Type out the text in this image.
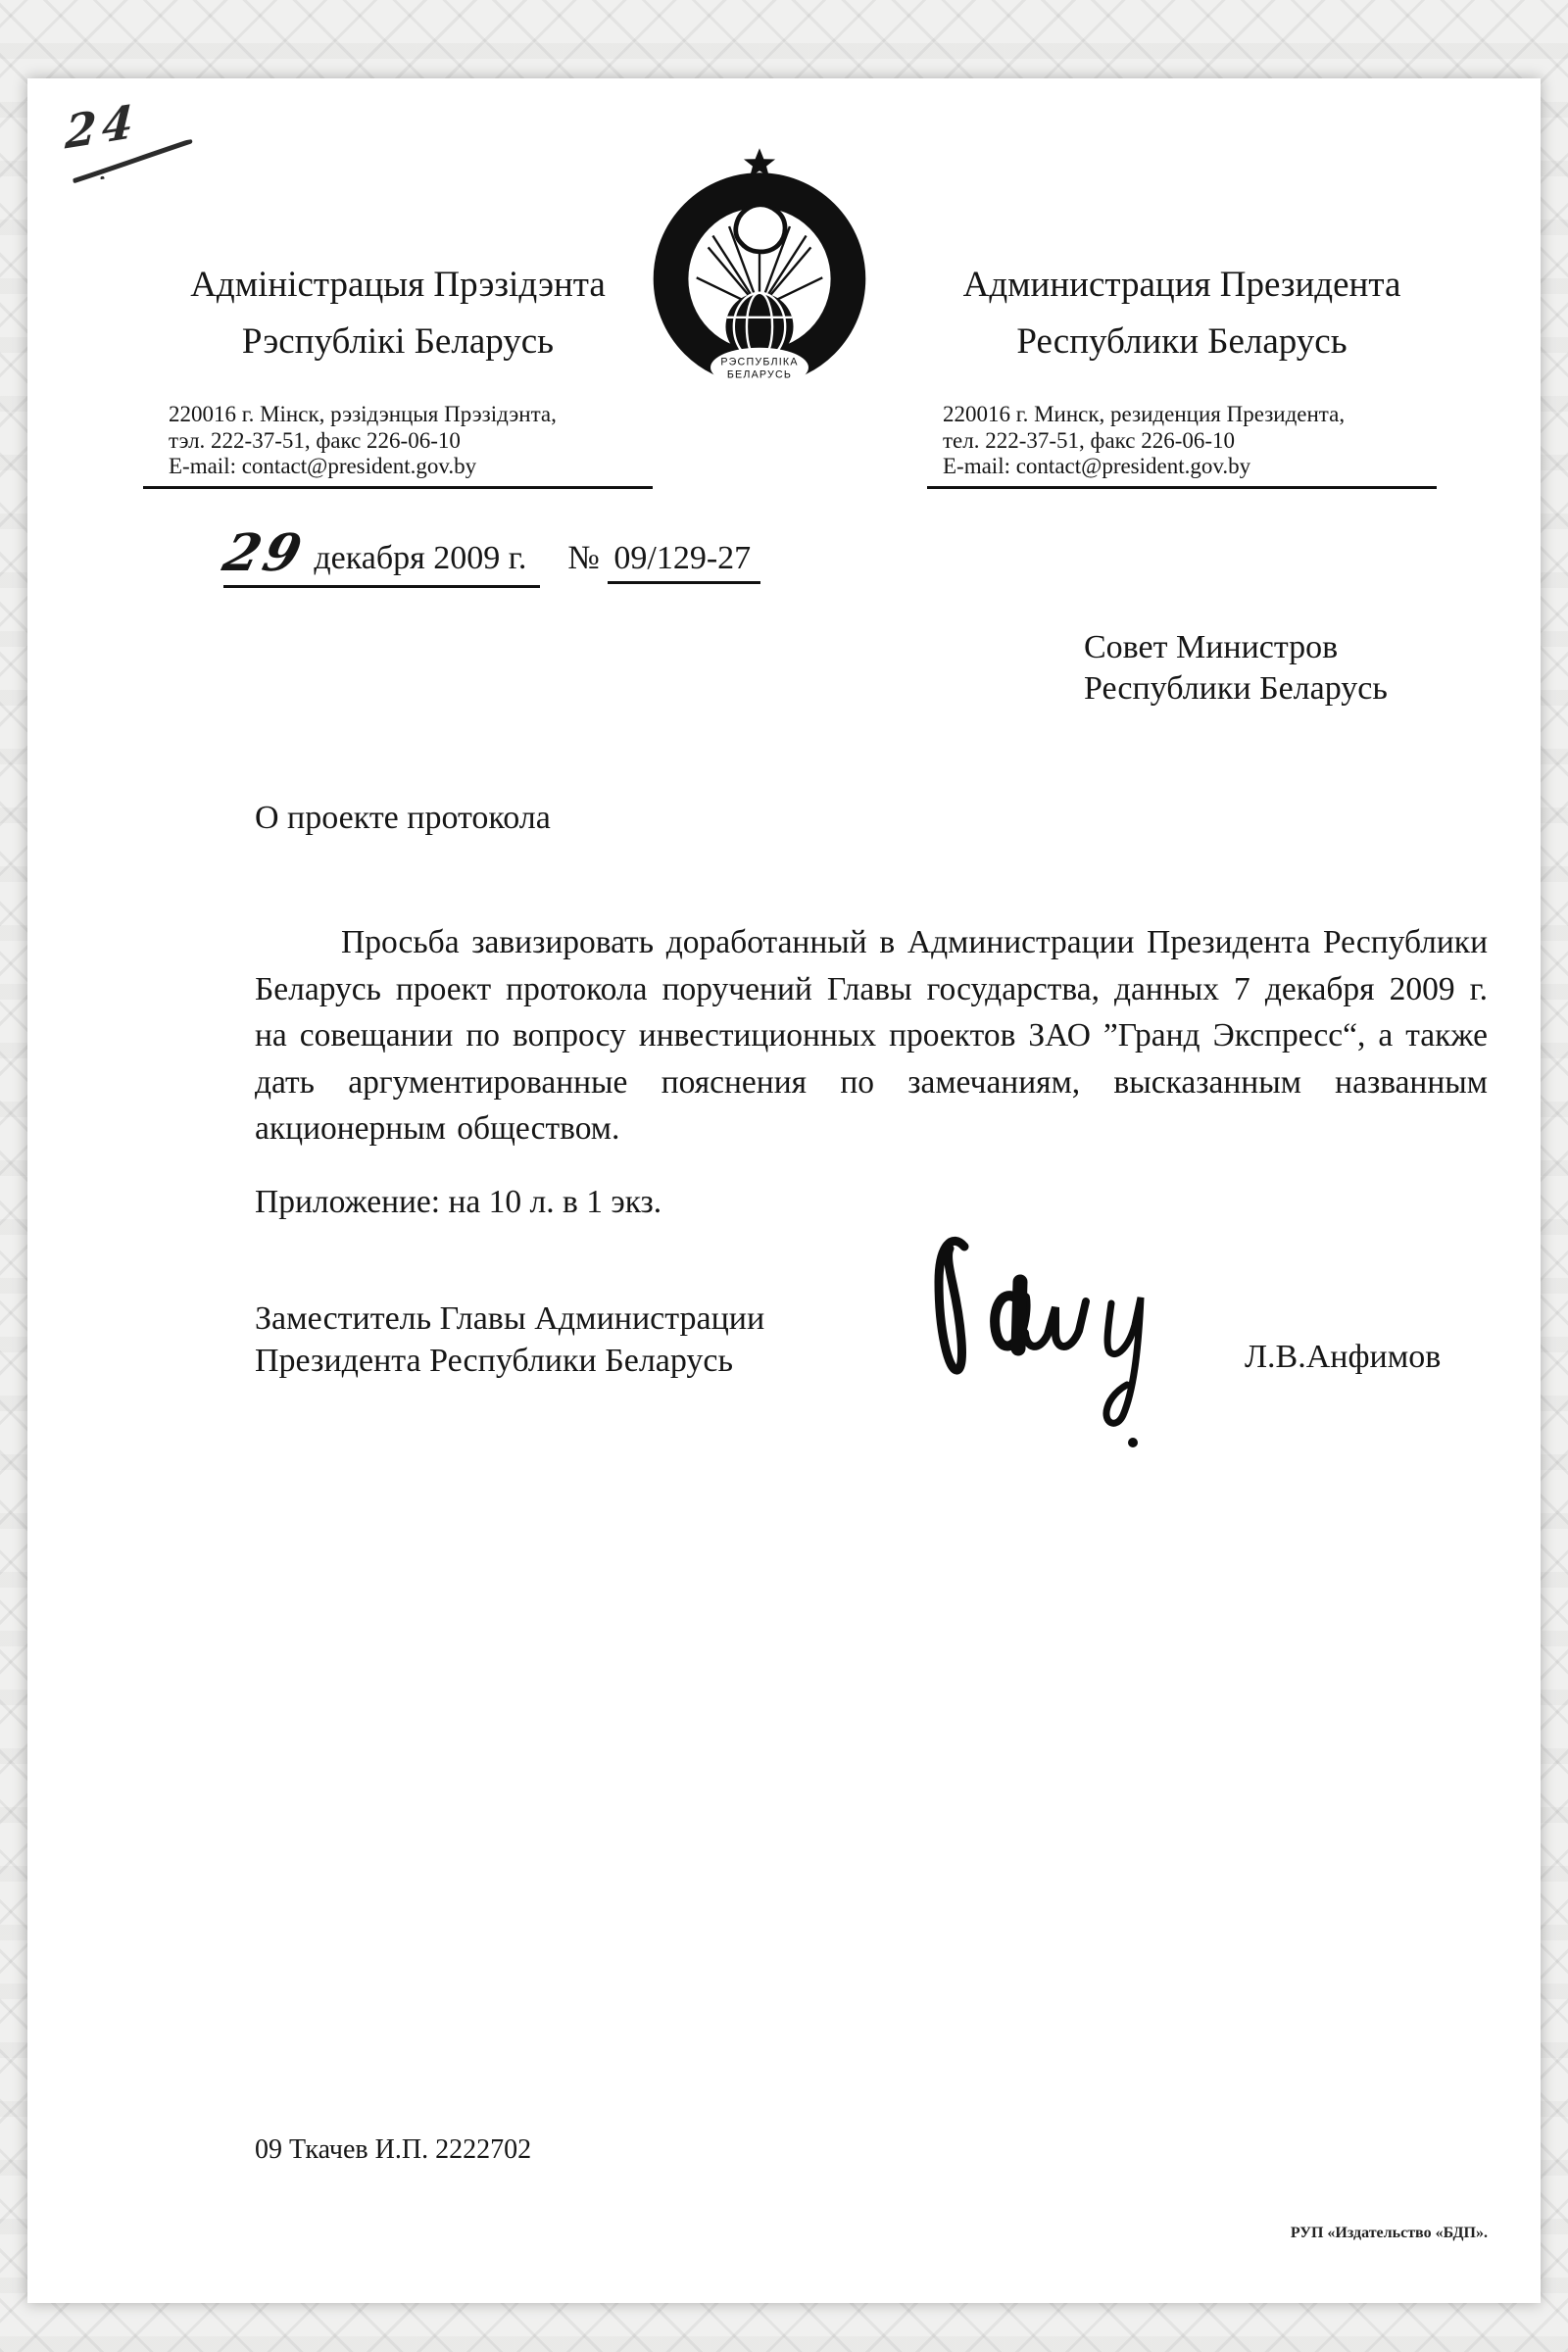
24
Адміністрацыя Прэзідэнта
Рэспублікі Беларусь
220016 г. Мінск, рэзідэнцыя Прэзідэнта,
тэл. 222-37-51, факс 226-06-10
E-mail: contact@president.gov.by
РЭСПУБЛІКА
БЕЛАРУСЬ
Администрация Президента
Республики Беларусь
220016 г. Минск, резиденция Президента,
тел. 222-37-51, факс 226-06-10
E-mail: contact@president.gov.by
29декабря 2009 г. № 09/129-27
Совет Министров
Республики Беларусь
О проекте протокола
Просьба завизировать доработанный в Администрации Президента Республики Беларусь проект протокола поручений Главы государства, данных 7 декабря 2009 г. на совещании по вопросу инвестиционных проектов ЗАО ”Гранд Экспресс“, а также дать аргументированные пояснения по замечаниям, высказанным названным акционерным обществом.
Приложение: на 10 л. в 1 экз.
Заместитель Главы Администрации
Президента Республики Беларусь	Л.В.Анфимов
09 Ткачев И.П. 2222702
РУП «Издательство «БДП».
